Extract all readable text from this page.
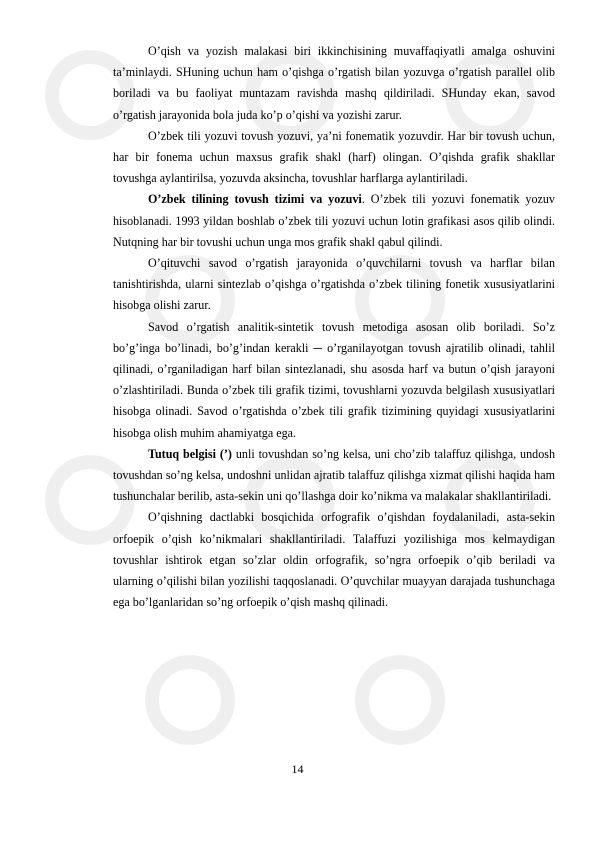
O’qish va yozish malakasi biri ikkinchisining muvaffaqiyatli amalga oshuvini ta’minlaydi. SHuning uchun ham o’qishga o’rgatish bilan yozuvga o’rgatish parallel olib boriladi va bu faoliyat muntazam ravishda mashq qildiriladi. SHunday ekan, savod o’rgatish jarayonida bola juda ko’p o’qishi va yozishi zarur.

O’zbek tili yozuvi tovush yozuvi, ya’ni fonematik yozuvdir. Har bir tovush uchun, har bir fonema uchun maxsus grafik shakl (harf) olingan. O’qishda grafik shakllar tovushga aylantirilsa, yozuvda aksincha, tovushlar harflarga aylantiriladi.

O’zbek tilining tovush tizimi va yozuvi. O’zbek tili yozuvi fonematik yozuv hisoblanadi. 1993 yildan boshlab o’zbek tili yozuvi uchun lotin grafikasi asos qilib olindi. Nutqning har bir tovushi uchun unga mos grafik shakl qabul qilindi.

O’qituvchi savod o’rgatish jarayonida o’quvchilarni tovush va harflar bilan tanishtirishda, ularni sintezlab o’qishga o’rgatishda o’zbek tilining fonetik xususiyatlarini hisobga olishi zarur.

Savod o’rgatish analitik-sintetik tovush metodiga asosan olib boriladi. So’z bo’g’inga bo’linadi, bo’g’indan kerakli ─ o’rganilayotgan tovush ajratilib olinadi, tahlil qilinadi, o’rganiladigan harf bilan sintezlanadi, shu asosda harf va butun o’qish jarayoni o’zlashtiriladi. Bunda o’zbek tili grafik tizimi, tovushlarni yozuvda belgilash xususiyatlari hisobga olinadi. Savod o’rgatishda o’zbek tili grafik tizimining quyidagi xususiyatlarini hisobga olish muhim ahamiyatga ega.

Tutuq belgisi (’) unli tovushdan so’ng kelsa, uni cho’zib talaffuz qilishga, undosh tovushdan so’ng kelsa, undoshni unlidan ajratib talaffuz qilishga xizmat qilishi haqida ham tushunchalar berilib, asta-sekin uni qo’llashga doir ko’nikma va malakalar shakllantiriladi.

O’qishning dactlabki bosqichida orfografik o’qishdan foydalaniladi, asta-sekin orfoepik o’qish ko’nikmalari shakllantiriladi. Talaffuzi yozilishiga mos kelmaydigan tovushlar ishtirok etgan so’zlar oldin orfografik, so’ngra orfoepik o’qib beriladi va ularning o’qilishi bilan yozilishi taqqoslanadi. O’quvchilar muayyan darajada tushunchaga ega bo’lganlaridan so’ng orfoepik o’qish mashq qilinadi.

14
